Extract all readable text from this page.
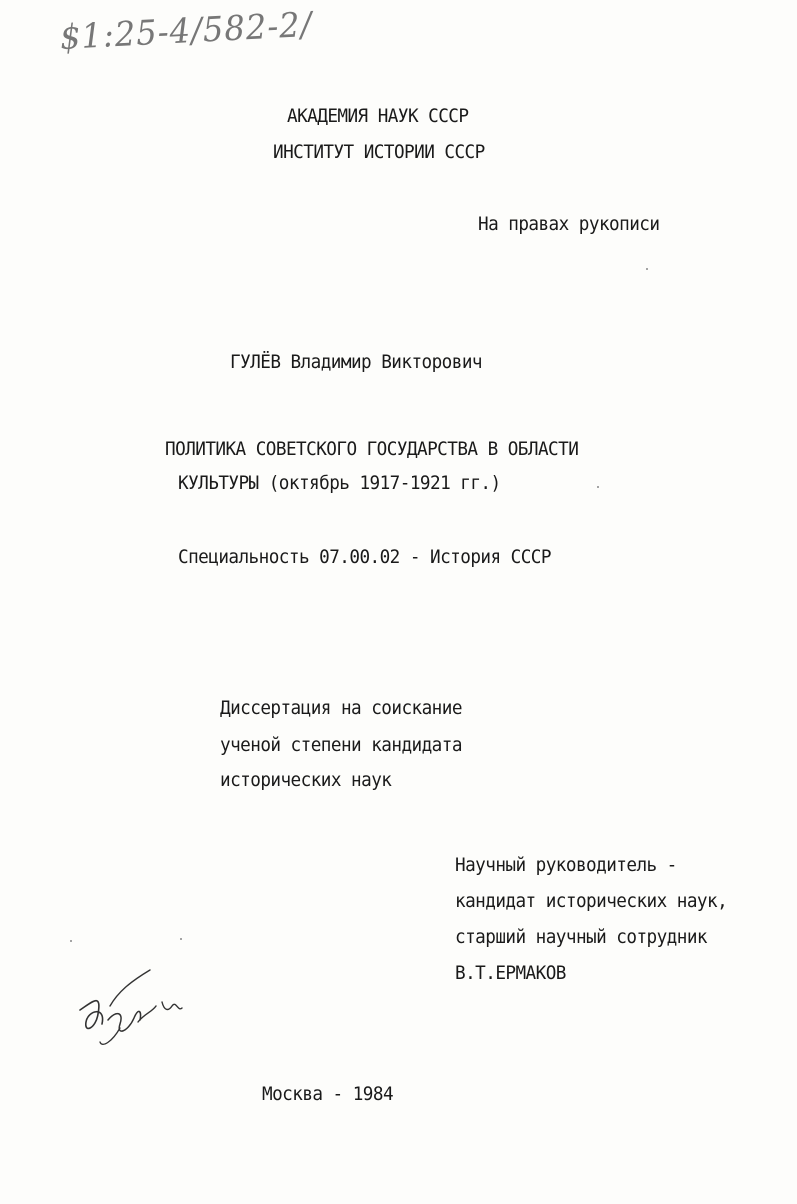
$1:25-4/582-2/
АКАДЕМИЯ НАУК СССР
ИНСТИТУТ ИСТОРИИ СССР
На правах рукописи
ГУЛЁВ Владимир Викторович
ПОЛИТИКА СОВЕТСКОГО ГОСУДАРСТВА В ОБЛАСТИ
КУЛЬТУРЫ (октябрь 1917-1921 гг.)
Специальность 07.00.02 - История СССР
Диссертация на соискание
ученой степени кандидата
исторических наук
Научный руководитель -
кандидат исторических наук,
старший научный сотрудник
В.Т.ЕРМАКОВ
Москва - 1984
